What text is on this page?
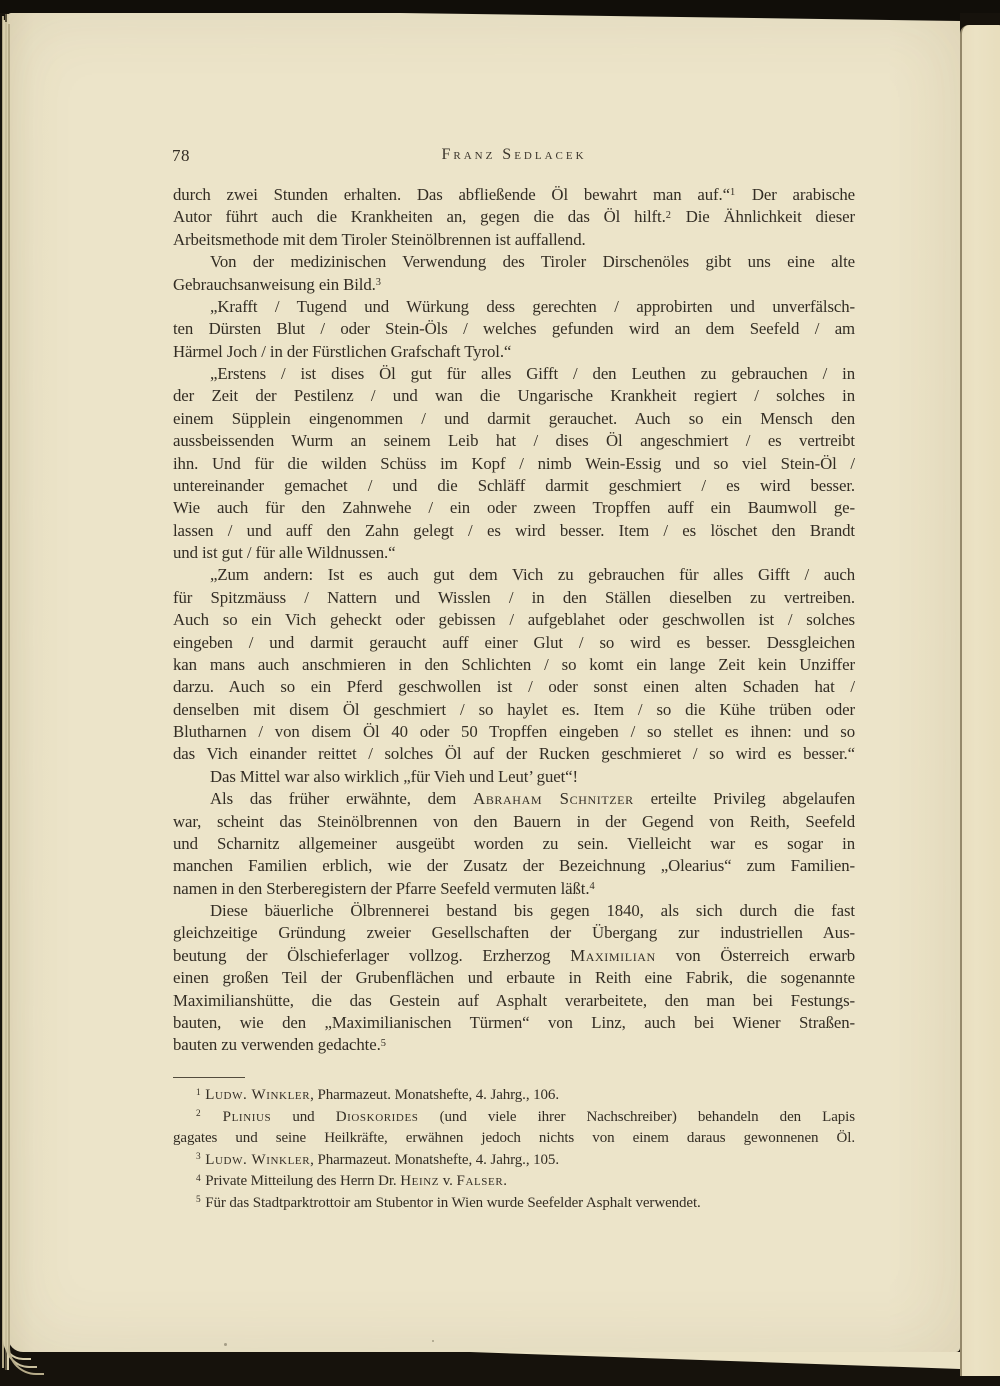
78	Franz Sedlacek
durch zwei Stunden erhalten. Das abfließende Öl bewahrt man auf.“$^1$ Der arabische
Autor führt auch die Krankheiten an, gegen die das Öl hilft.$^2$ Die Ähnlichkeit dieser
Arbeitsmethode mit dem Tiroler Steinölbrennen ist auffallend.
Von der medizinischen Verwendung des Tiroler Dirschenöles gibt uns eine alte
Gebrauchsanweisung ein Bild.$^3$
„Krafft / Tugend und Würkung dess gerechten / approbirten und unverfälsch-
ten Dürsten Blut / oder Stein-Öls / welches gefunden wird an dem Seefeld / am
Härmel Joch / in der Fürstlichen Grafschaft Tyrol.“
„Erstens / ist dises Öl gut für alles Gifft / den Leuthen zu gebrauchen / in
der Zeit der Pestilenz / und wan die Ungarische Krankheit regiert / solches in
einem Süpplein eingenommen / und darmit gerauchet. Auch so ein Mensch den
aussbeissenden Wurm an seinem Leib hat / dises Öl angeschmiert / es vertreibt
ihn. Und für die wilden Schüss im Kopf / nimb Wein-Essig und so viel Stein-Öl /
untereinander gemachet / und die Schläff darmit geschmiert / es wird besser.
Wie auch für den Zahnwehe / ein oder zween Tropffen auff ein Baumwoll ge-
lassen / und auff den Zahn gelegt / es wird besser. Item / es löschet den Brandt
und ist gut / für alle Wildnussen.“
„Zum andern: Ist es auch gut dem Vich zu gebrauchen für alles Gifft / auch
für Spitzmäuss / Nattern und Wisslen / in den Ställen dieselben zu vertreiben.
Auch so ein Vich geheckt oder gebissen / aufgeblahet oder geschwollen ist / solches
eingeben / und darmit geraucht auff einer Glut / so wird es besser. Dessgleichen
kan mans auch anschmieren in den Schlichten / so komt ein lange Zeit kein Unziffer
darzu. Auch so ein Pferd geschwollen ist / oder sonst einen alten Schaden hat /
denselben mit disem Öl geschmiert / so haylet es. Item / so die Kühe trüben oder
Blutharnen / von disem Öl 40 oder 50 Tropffen eingeben / so stellet es ihnen: und so
das Vich einander reittet / solches Öl auf der Rucken geschmieret / so wird es besser.“
Das Mittel war also wirklich „für Vieh und Leut’ guet“!
Als das früher erwähnte, dem Abraham Schnitzer erteilte Privileg abgelaufen
war, scheint das Steinölbrennen von den Bauern in der Gegend von Reith, Seefeld
und Scharnitz allgemeiner ausgeübt worden zu sein. Vielleicht war es sogar in
manchen Familien erblich, wie der Zusatz der Bezeichnung „Olearius“ zum Familien-
namen in den Sterberegistern der Pfarre Seefeld vermuten läßt.$^4$
Diese bäuerliche Ölbrennerei bestand bis gegen 1840, als sich durch die fast
gleichzeitige Gründung zweier Gesellschaften der Übergang zur industriellen Aus-
beutung der Ölschieferlager vollzog. Erzherzog Maximilian von Österreich erwarb
einen großen Teil der Grubenflächen und erbaute in Reith eine Fabrik, die sogenannte
Maximilianshütte, die das Gestein auf Asphalt verarbeitete, den man bei Festungs-
bauten, wie den „Maximilianischen Türmen“ von Linz, auch bei Wiener Straßen-
bauten zu verwenden gedachte.$^5$
$^1$ Ludw. Winkler, Pharmazeut. Monatshefte, 4. Jahrg., 106.
$^2$ Plinius und Dioskorides (und viele ihrer Nachschreiber) behandeln den Lapis
gagates und seine Heilkräfte, erwähnen jedoch nichts von einem daraus gewonnenen Öl.
$^3$ Ludw. Winkler, Pharmazeut. Monatshefte, 4. Jahrg., 105.
$^4$ Private Mitteilung des Herrn Dr. Heinz v. Falser.
$^5$ Für das Stadtparktrottoir am Stubentor in Wien wurde Seefelder Asphalt verwendet.
